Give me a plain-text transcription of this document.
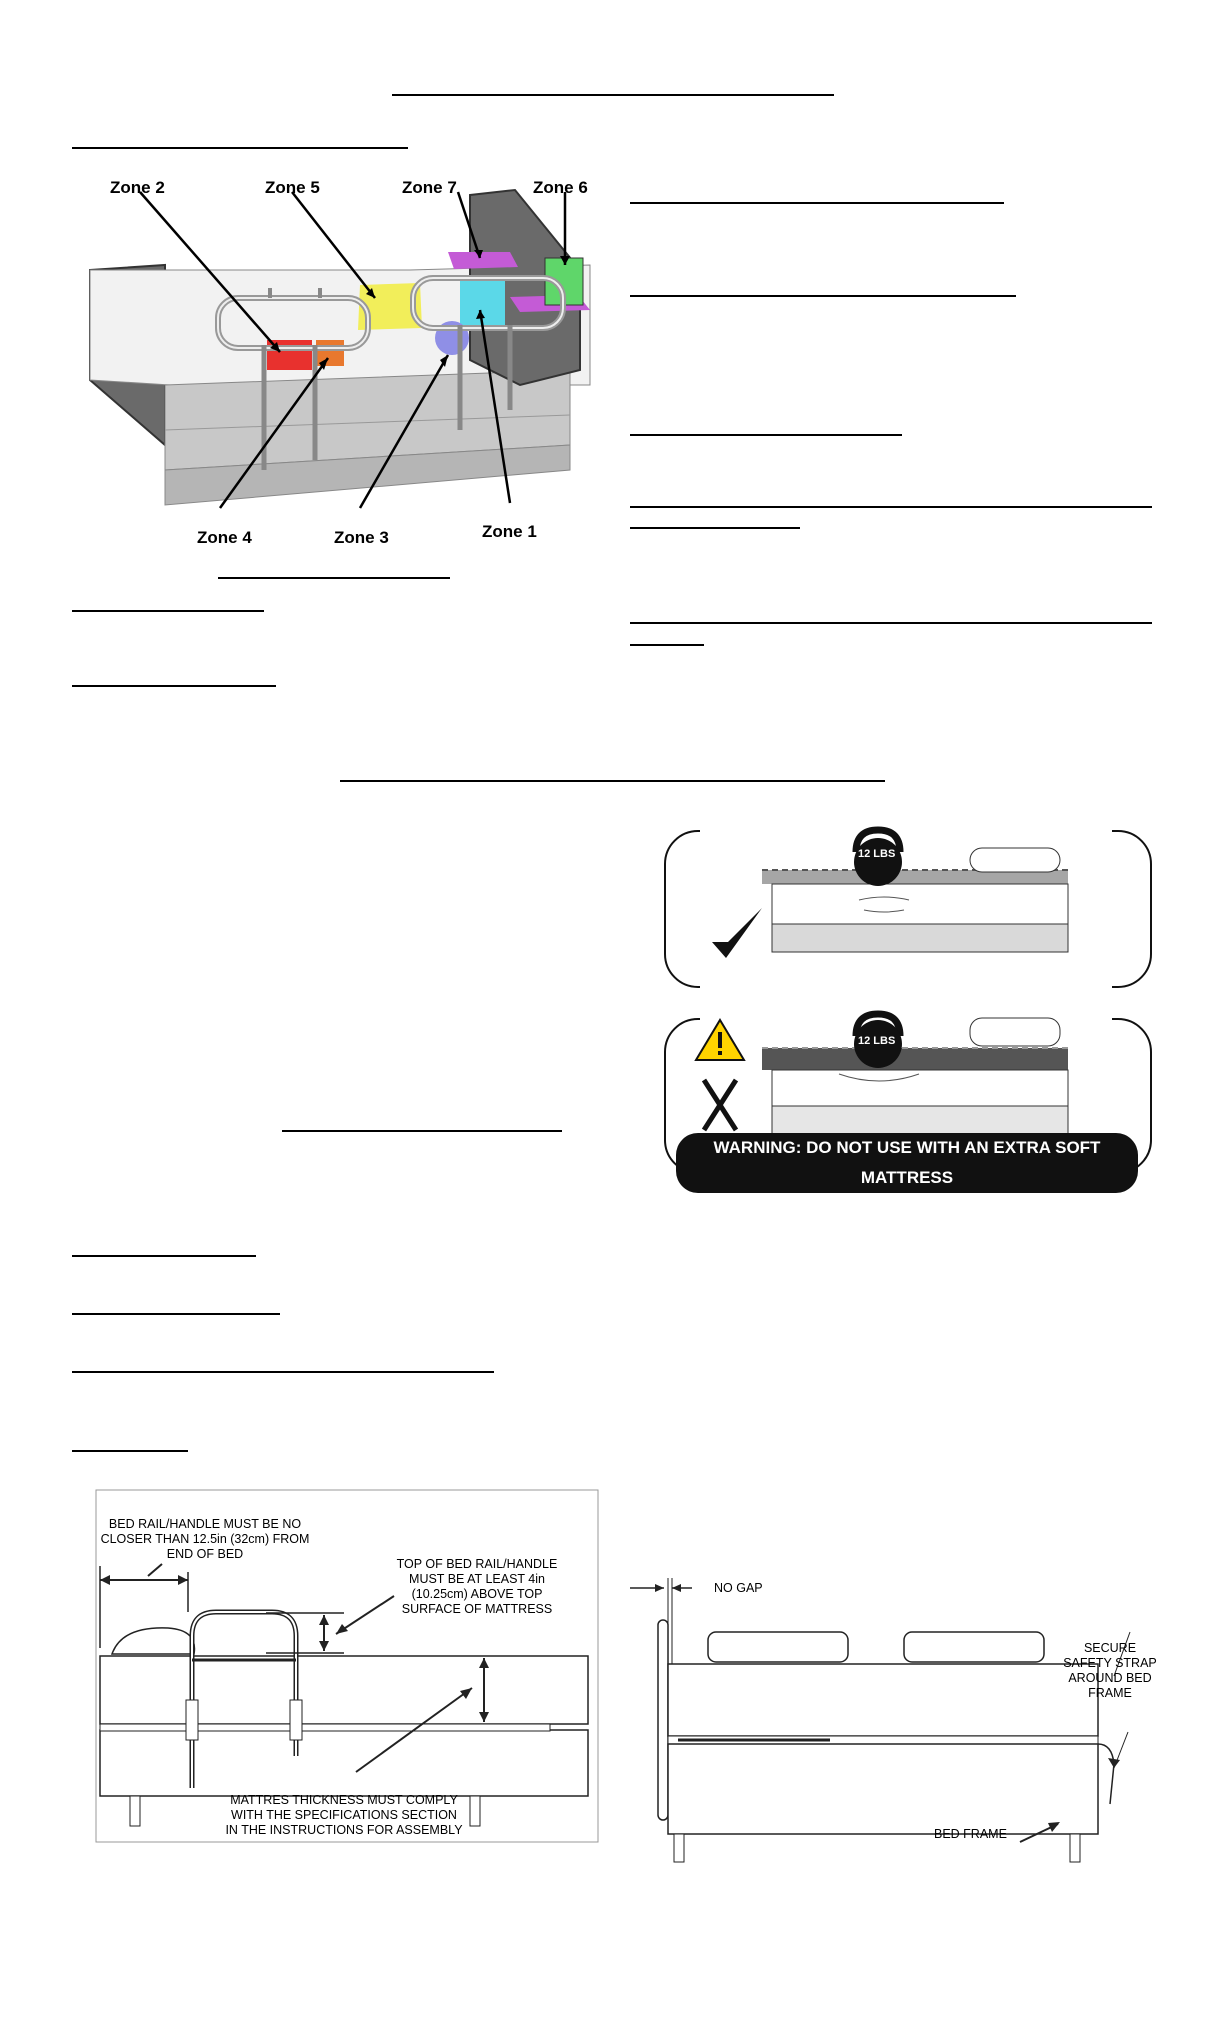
Zone 2	Zone 5	Zone 7	Zone 6
Zone 4	Zone 3	Zone 1
12 LBS
12 LBS
WARNING: DO NOT USE WITH AN EXTRA SOFT MATTRESS
BED RAIL/HANDLE MUST BE NO CLOSER THAN 12.5in (32cm) FROM END OF BED
TOP OF BED RAIL/HANDLE MUST BE AT LEAST 4in (10.25cm) ABOVE TOP SURFACE OF MATTRESS
MATTRES THICKNESS MUST COMPLY WITH THE SPECIFICATIONS SECTION IN THE INSTRUCTIONS FOR ASSEMBLY
NO GAP
SECURE SAFETY STRAP AROUND BED FRAME
BED FRAME
